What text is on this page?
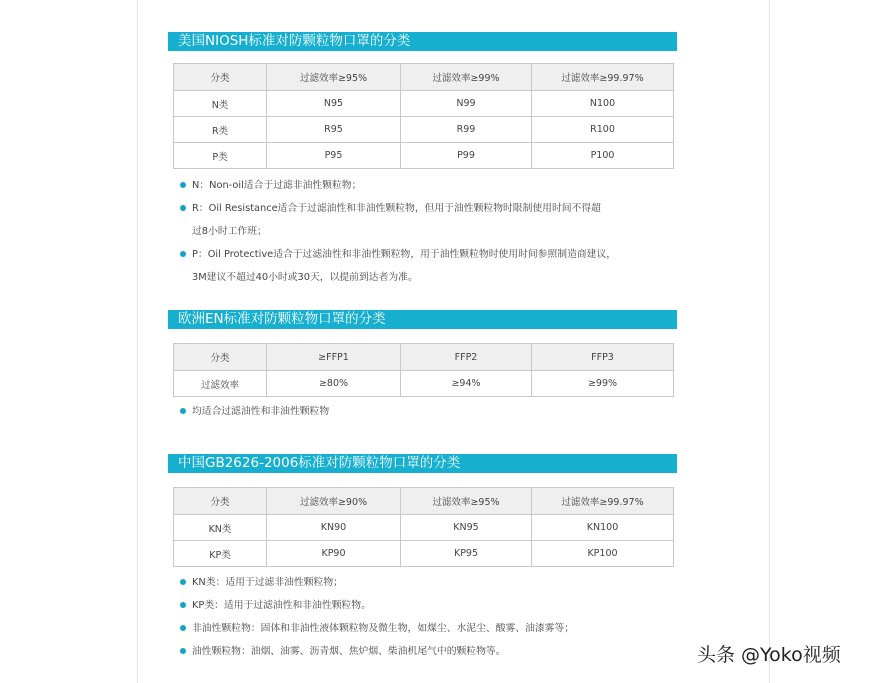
美国NIOSH标准对防颗粒物口罩的分类
分类	过滤效率≥95%	过滤效率≥99%	过滤效率≥99.97%
N类	N95	N99	N100
R类	R95	R99	R100
P类	P95	P99	P100
N：Non-oil适合于过滤非油性颗粒物；
R：Oil Resistance适合于过滤油性和非油性颗粒物，但用于油性颗粒物时限制使用时间不得超
过8小时工作班；
P：Oil Protective适合于过滤油性和非油性颗粒物，用于油性颗粒物时使用时间参照制造商建议，
3M建议不超过40小时或30天，以提前到达者为准。
欧洲EN标准对防颗粒物口罩的分类
分类	≥FFP1	FFP2	FFP3
过滤效率	≥80%	≥94%	≥99%
均适合过滤油性和非油性颗粒物
中国GB2626-2006标准对防颗粒物口罩的分类
分类	过滤效率≥90%	过滤效率≥95%	过滤效率≥99.97%
KN类	KN90	KN95	KN100
KP类	KP90	KP95	KP100
KN类：适用于过滤非油性颗粒物；
KP类：适用于过滤油性和非油性颗粒物。
非油性颗粒物：固体和非油性液体颗粒物及微生物，如煤尘、水泥尘、酸雾、油漆雾等；
油性颗粒物：油烟、油雾、沥青烟、焦炉烟、柴油机尾气中的颗粒物等。	头条 @Yoko视频
